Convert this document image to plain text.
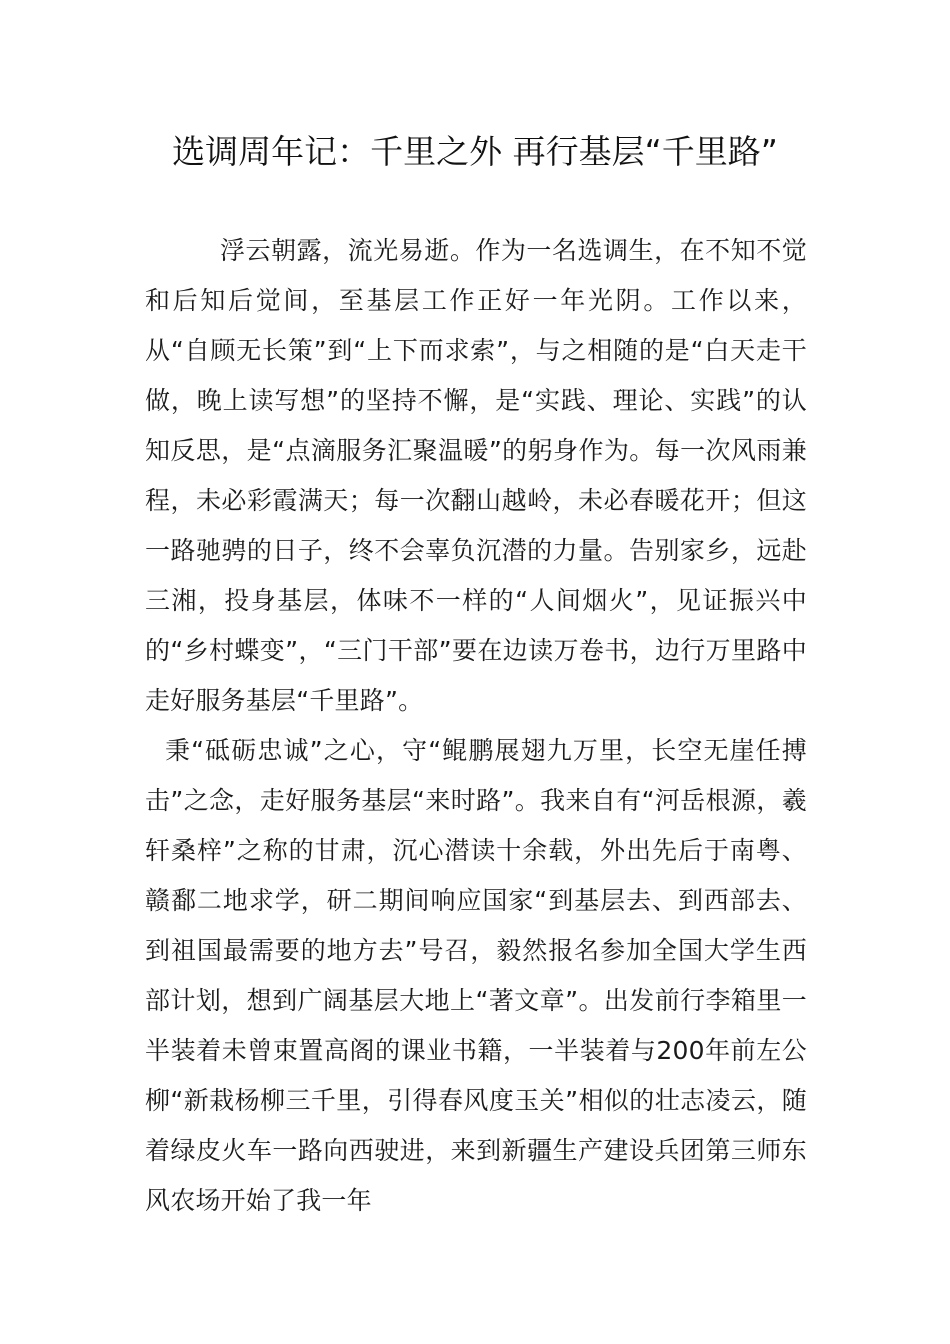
选调周年记：千里之外 再行基层“千里路”

浮云朝露，流光易逝。作为一名选调生，在不知不觉和后知后觉间，至基层工作正好一年光阴。工作以来，从“自顾无长策”到“上下而求索”，与之相随的是“白天走干做，晚上读写想”的坚持不懈，是“实践、理论、实践”的认知反思，是“点滴服务汇聚温暖”的躬身作为。每一次风雨兼程，未必彩霞满天；每一次翻山越岭，未必春暖花开；但这一路驰骋的日子，终不会辜负沉潜的力量。告别家乡，远赴三湘，投身基层，体味不一样的“人间烟火”，见证振兴中的“乡村蝶变”，“三门干部”要在边读万卷书，边行万里路中走好服务基层“千里路”。

秉“砥砺忠诚”之心，守“鲲鹏展翅九万里，长空无崖任搏击”之念，走好服务基层“来时路”。我来自有“河岳根源，羲轩桑梓”之称的甘肃，沉心潜读十余载，外出先后于南粤、赣鄱二地求学，研二期间响应国家“到基层去、到西部去、到祖国最需要的地方去”号召，毅然报名参加全国大学生西部计划，想到广阔基层大地上“著文章”。出发前行李箱里一半装着未曾束置高阁的课业书籍，一半装着与200年前左公柳“新栽杨柳三千里，引得春风度玉关”相似的壮志凌云，随着绿皮火车一路向西驶进，来到新疆生产建设兵团第三师东风农场开始了我一年
